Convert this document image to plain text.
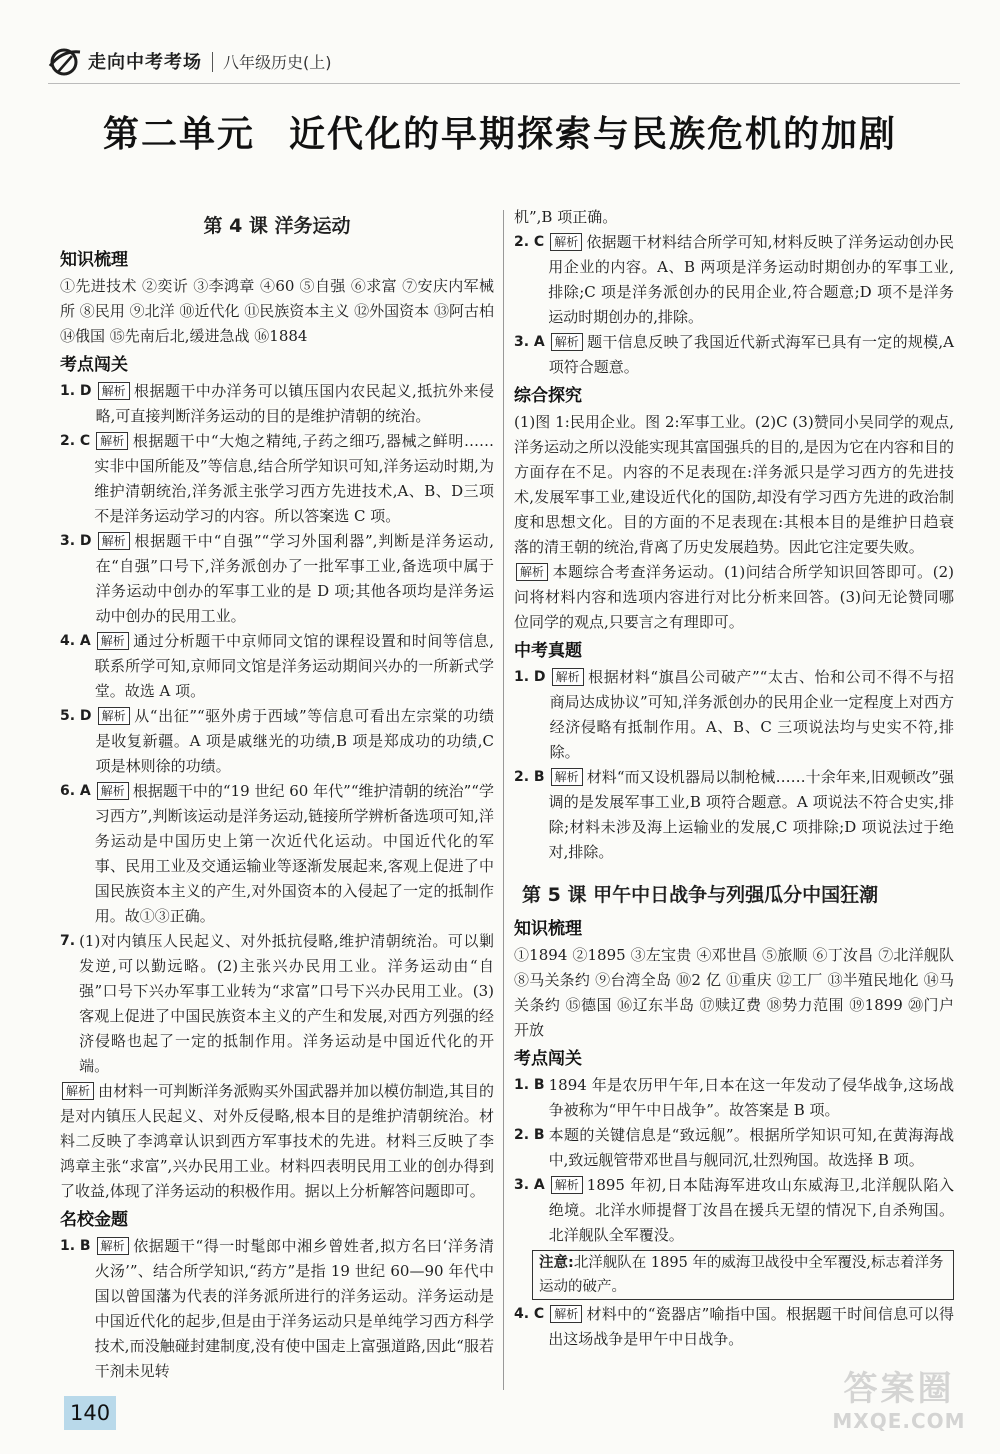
走向中考考场 八年级历史(上)
第二单元 近代化的早期探索与民族危机的加剧
第 4 课 洋务运动
知识梳理
①先进技术 ②奕䜣 ③李鸿章 ④60 ⑤自强 ⑥求富 ⑦安庆内军械所 ⑧民用 ⑨北洋 ⑩近代化 ⑪民族资本主义 ⑫外国资本 ⑬阿古柏 ⑭俄国 ⑮先南后北,缓进急战 ⑯1884
考点闯关
1. D 解析 根据题干中办洋务可以镇压国内农民起义,抵抗外来侵略,可直接判断洋务运动的目的是维护清朝的统治。
2. C 解析 根据题干中“大炮之精纯,子药之细巧,器械之鲜明……实非中国所能及”等信息,结合所学知识可知,洋务运动时期,为维护清朝统治,洋务派主张学习西方先进技术,A、B、D三项不是洋务运动学习的内容。所以答案选 C 项。
3. D 解析 根据题干中“自强”“学习外国利器”,判断是洋务运动,在“自强”口号下,洋务派创办了一批军事工业,备选项中属于洋务运动中创办的军事工业的是 D 项;其他各项均是洋务运动中创办的民用工业。
4. A 解析 通过分析题干中京师同文馆的课程设置和时间等信息,联系所学可知,京师同文馆是洋务运动期间兴办的一所新式学堂。故选 A 项。
5. D 解析 从“出征”“驱外虏于西域”等信息可看出左宗棠的功绩是收复新疆。A 项是戚继光的功绩,B 项是郑成功的功绩,C 项是林则徐的功绩。
6. A 解析 根据题干中的“19 世纪 60 年代”“维护清朝的统治”“学习西方”,判断该运动是洋务运动,链接所学辨析备选项可知,洋务运动是中国历史上第一次近代化运动。中国近代化的军事、民用工业及交通运输业等逐渐发展起来,客观上促进了中国民族资本主义的产生,对外国资本的入侵起了一定的抵制作用。故①③正确。
7. (1)对内镇压人民起义、对外抵抗侵略,维护清朝统治。可以剿发逆,可以勤远略。(2)主张兴办民用工业。洋务运动由“自强”口号下兴办军事工业转为“求富”口号下兴办民用工业。(3)客观上促进了中国民族资本主义的产生和发展,对西方列强的经济侵略也起了一定的抵制作用。洋务运动是中国近代化的开端。
解析 由材料一可判断洋务派购买外国武器并加以模仿制造,其目的是对内镇压人民起义、对外反侵略,根本目的是维护清朝统治。材料二反映了李鸿章认识到西方军事技术的先进。材料三反映了李鸿章主张“求富”,兴办民用工业。材料四表明民用工业的创办得到了收益,体现了洋务运动的积极作用。据以上分析解答问题即可。
名校金题
1. B 解析 依据题干“得一时髦郎中湘乡曾姓者,拟方名曰‘洋务清火汤’”、结合所学知识,“药方”是指 19 世纪 60—90 年代中国以曾国藩为代表的洋务派所进行的洋务运动。洋务运动是中国近代化的起步,但是由于洋务运动只是单纯学习西方科学技术,而没触碰封建制度,没有使中国走上富强道路,因此“服若干剂未见转
机”,B 项正确。
2. C 解析 依据题干材料结合所学可知,材料反映了洋务运动创办民用企业的内容。A、B 两项是洋务运动时期创办的军事工业,排除;C 项是洋务派创办的民用企业,符合题意;D 项不是洋务运动时期创办的,排除。
3. A 解析 题干信息反映了我国近代新式海军已具有一定的规模,A 项符合题意。
综合探究
(1)图 1:民用企业。图 2:军事工业。(2)C (3)赞同小吴同学的观点,洋务运动之所以没能实现其富国强兵的目的,是因为它在内容和目的方面存在不足。内容的不足表现在:洋务派只是学习西方的先进技术,发展军事工业,建设近代化的国防,却没有学习西方先进的政治制度和思想文化。目的方面的不足表现在:其根本目的是维护日趋衰落的清王朝的统治,背离了历史发展趋势。因此它注定要失败。
解析 本题综合考查洋务运动。(1)问结合所学知识回答即可。(2)问将材料内容和选项内容进行对比分析来回答。(3)问无论赞同哪位同学的观点,只要言之有理即可。
中考真题
1. D 解析 根据材料“旗昌公司破产”“太古、怡和公司不得不与招商局达成协议”可知,洋务派创办的民用企业一定程度上对西方经济侵略有抵制作用。A、B、C 三项说法均与史实不符,排除。
2. B 解析 材料“而又设机器局以制枪械……十余年来,旧观顿改”强调的是发展军事工业,B 项符合题意。A 项说法不符合史实,排除;材料未涉及海上运输业的发展,C 项排除;D 项说法过于绝对,排除。
第 5 课 甲午中日战争与列强瓜分中国狂潮
知识梳理
①1894 ②1895 ③左宝贵 ④邓世昌 ⑤旅顺 ⑥丁汝昌 ⑦北洋舰队 ⑧马关条约 ⑨台湾全岛 ⑩2 亿 ⑪重庆 ⑫工厂 ⑬半殖民地化 ⑭马关条约 ⑮德国 ⑯辽东半岛 ⑰赎辽费 ⑱势力范围 ⑲1899 ⑳门户开放
考点闯关
1. B 1894 年是农历甲午年,日本在这一年发动了侵华战争,这场战争被称为“甲午中日战争”。故答案是 B 项。
2. B 本题的关键信息是“致远舰”。根据所学知识可知,在黄海海战中,致远舰管带邓世昌与舰同沉,壮烈殉国。故选择 B 项。
3. A 解析 1895 年初,日本陆海军进攻山东威海卫,北洋舰队陷入绝境。北洋水师提督丁汝昌在援兵无望的情况下,自杀殉国。北洋舰队全军覆没。
注意:北洋舰队在 1895 年的威海卫战役中全军覆没,标志着洋务运动的破产。
4. C 解析 材料中的“瓷器店”喻指中国。根据题干时间信息可以得出这场战争是甲午中日战争。
140
答案圈
MXQE.COM
